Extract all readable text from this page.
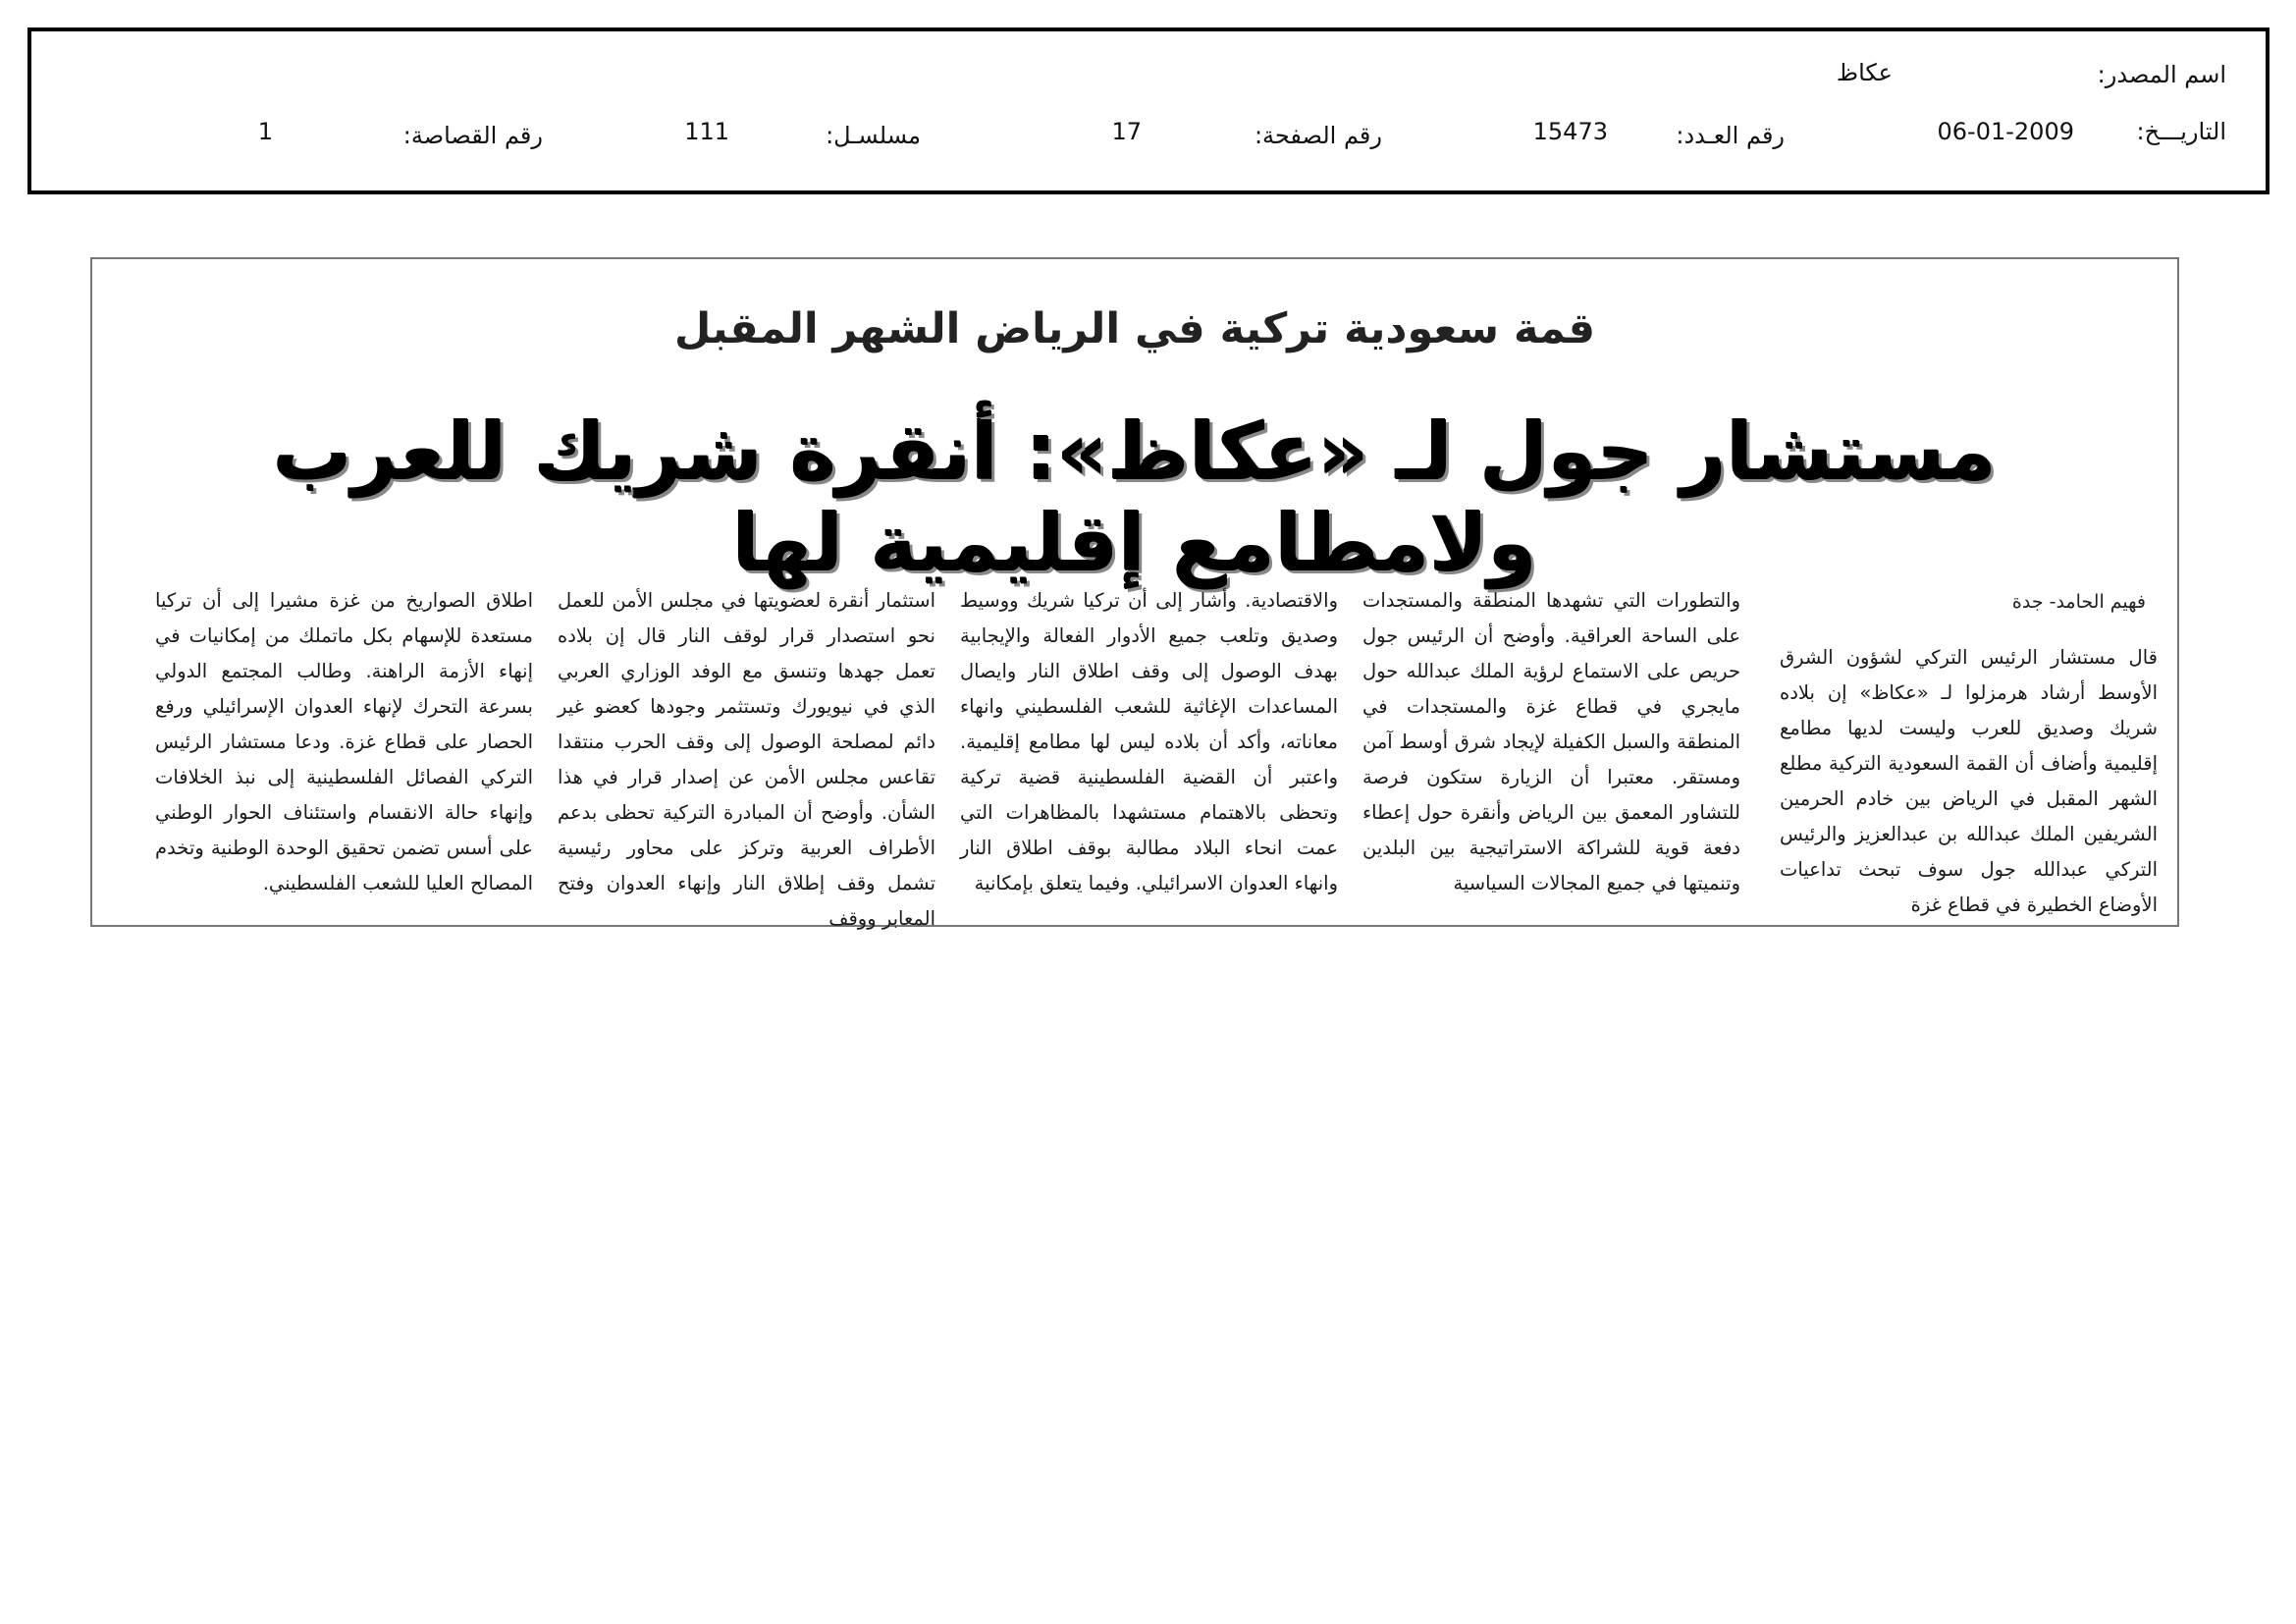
اسم المصدر:
عكاظ
التاريـــخ:
06-01-2009
رقم العـدد:
15473
رقم الصفحة:
17
مسلسـل:
111
رقم القصاصة:
1
قمة سعودية تركية في الرياض الشهر المقبل
مستشار جول لـ «عكاظ»: أنقرة شريك للعرب ولامطامع إقليمية لها
فهيم الحامد- جدة

قال مستشار الرئيس التركي لشؤون الشرق الأوسط أرشاد هرمزلوا لـ «عكاظ» إن بلاده شريك وصديق للعرب وليست لديها مطامع إقليمية وأضاف أن القمة السعودية التركية مطلع الشهر المقبل في الرياض بين خادم الحرمين الشريفين الملك عبدالله بن عبدالعزيز والرئيس التركي عبدالله جول سوف تبحث تداعيات الأوضاع الخطيرة في قطاع غزة

والتطورات التي تشهدها المنطقة والمستجدات على الساحة العراقية. وأوضح أن الرئيس جول حريص على الاستماع لرؤية الملك عبدالله حول مايجري في قطاع غزة والمستجدات في المنطقة والسبل الكفيلة لإيجاد شرق أوسط آمن ومستقر. معتبرا أن الزيارة ستكون فرصة للتشاور المعمق بين الرياض وأنقرة حول إعطاء دفعة قوية للشراكة الاستراتيجية بين البلدين وتنميتها في جميع المجالات السياسية

والاقتصادية. وأشار إلى أن تركيا شريك ووسيط وصديق وتلعب جميع الأدوار الفعالة والإيجابية بهدف الوصول إلى وقف اطلاق النار وايصال المساعدات الإغاثية للشعب الفلسطيني وانهاء معاناته، وأكد أن بلاده ليس لها مطامع إقليمية. واعتبر أن القضية الفلسطينية قضية تركية وتحظى بالاهتمام مستشهدا بالمظاهرات التي عمت انحاء البلاد مطالبة بوقف اطلاق النار وانهاء العدوان الاسرائيلي. وفيما يتعلق بإمكانية

استثمار أنقرة لعضويتها في مجلس الأمن للعمل نحو استصدار قرار لوقف النار قال إن بلاده تعمل جهدها وتنسق مع الوفد الوزاري العربي الذي في نيويورك وتستثمر وجودها كعضو غير دائم لمصلحة الوصول إلى وقف الحرب منتقدا تقاعس مجلس الأمن عن إصدار قرار في هذا الشأن. وأوضح أن المبادرة التركية تحظى بدعم الأطراف العربية وتركز على محاور رئيسية تشمل وقف إطلاق النار وإنهاء العدوان وفتح المعابر ووقف

اطلاق الصواريخ من غزة مشيرا إلى أن تركيا مستعدة للإسهام بكل ماتملك من إمكانيات في إنهاء الأزمة الراهنة. وطالب المجتمع الدولي بسرعة التحرك لإنهاء العدوان الإسرائيلي ورفع الحصار على قطاع غزة. ودعا مستشار الرئيس التركي الفصائل الفلسطينية إلى نبذ الخلافات وإنهاء حالة الانقسام واستئناف الحوار الوطني على أسس تضمن تحقيق الوحدة الوطنية وتخدم المصالح العليا للشعب الفلسطيني.
